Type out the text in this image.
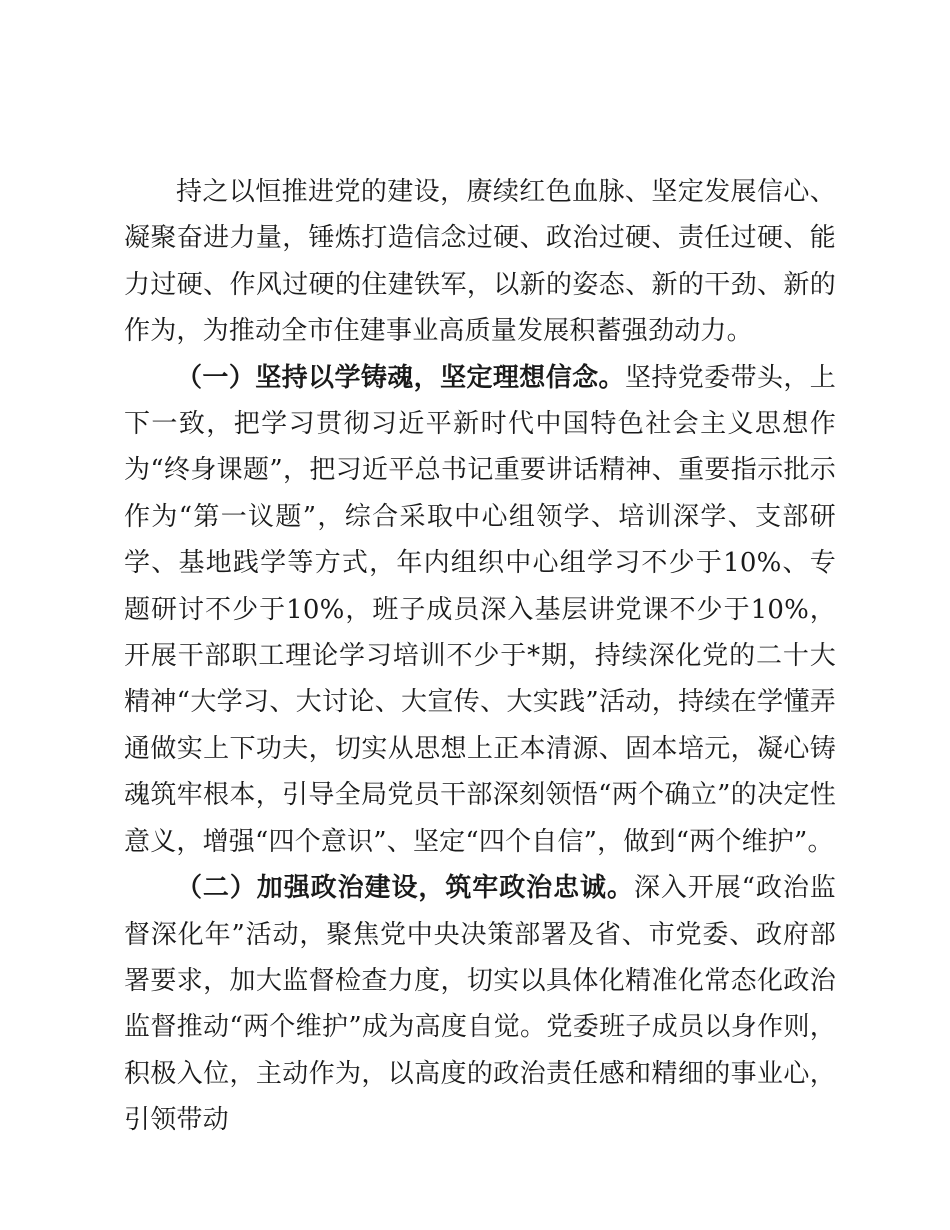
持之以恒推进党的建设，赓续红色血脉、坚定发展信心、凝聚奋进力量，锤炼打造信念过硬、政治过硬、责任过硬、能力过硬、作风过硬的住建铁军，以新的姿态、新的干劲、新的作为，为推动全市住建事业高质量发展积蓄强劲动力。

（一）坚持以学铸魂，坚定理想信念。坚持党委带头，上下一致，把学习贯彻习近平新时代中国特色社会主义思想作为“终身课题”，把习近平总书记重要讲话精神、重要指示批示作为“第一议题”，综合采取中心组领学、培训深学、支部研学、基地践学等方式，年内组织中心组学习不少于10%、专题研讨不少于10%，班子成员深入基层讲党课不少于10%，开展干部职工理论学习培训不少于*期，持续深化党的二十大精神“大学习、大讨论、大宣传、大实践”活动，持续在学懂弄通做实上下功夫，切实从思想上正本清源、固本培元，凝心铸魂筑牢根本，引导全局党员干部深刻领悟“两个确立”的决定性意义，增强“四个意识”、坚定“四个自信”，做到“两个维护”。

（二）加强政治建设，筑牢政治忠诚。深入开展“政治监督深化年”活动，聚焦党中央决策部署及省、市党委、政府部署要求，加大监督检查力度，切实以具体化精准化常态化政治监督推动“两个维护”成为高度自觉。党委班子成员以身作则，积极入位，主动作为，以高度的政治责任感和精细的事业心，引领带动
